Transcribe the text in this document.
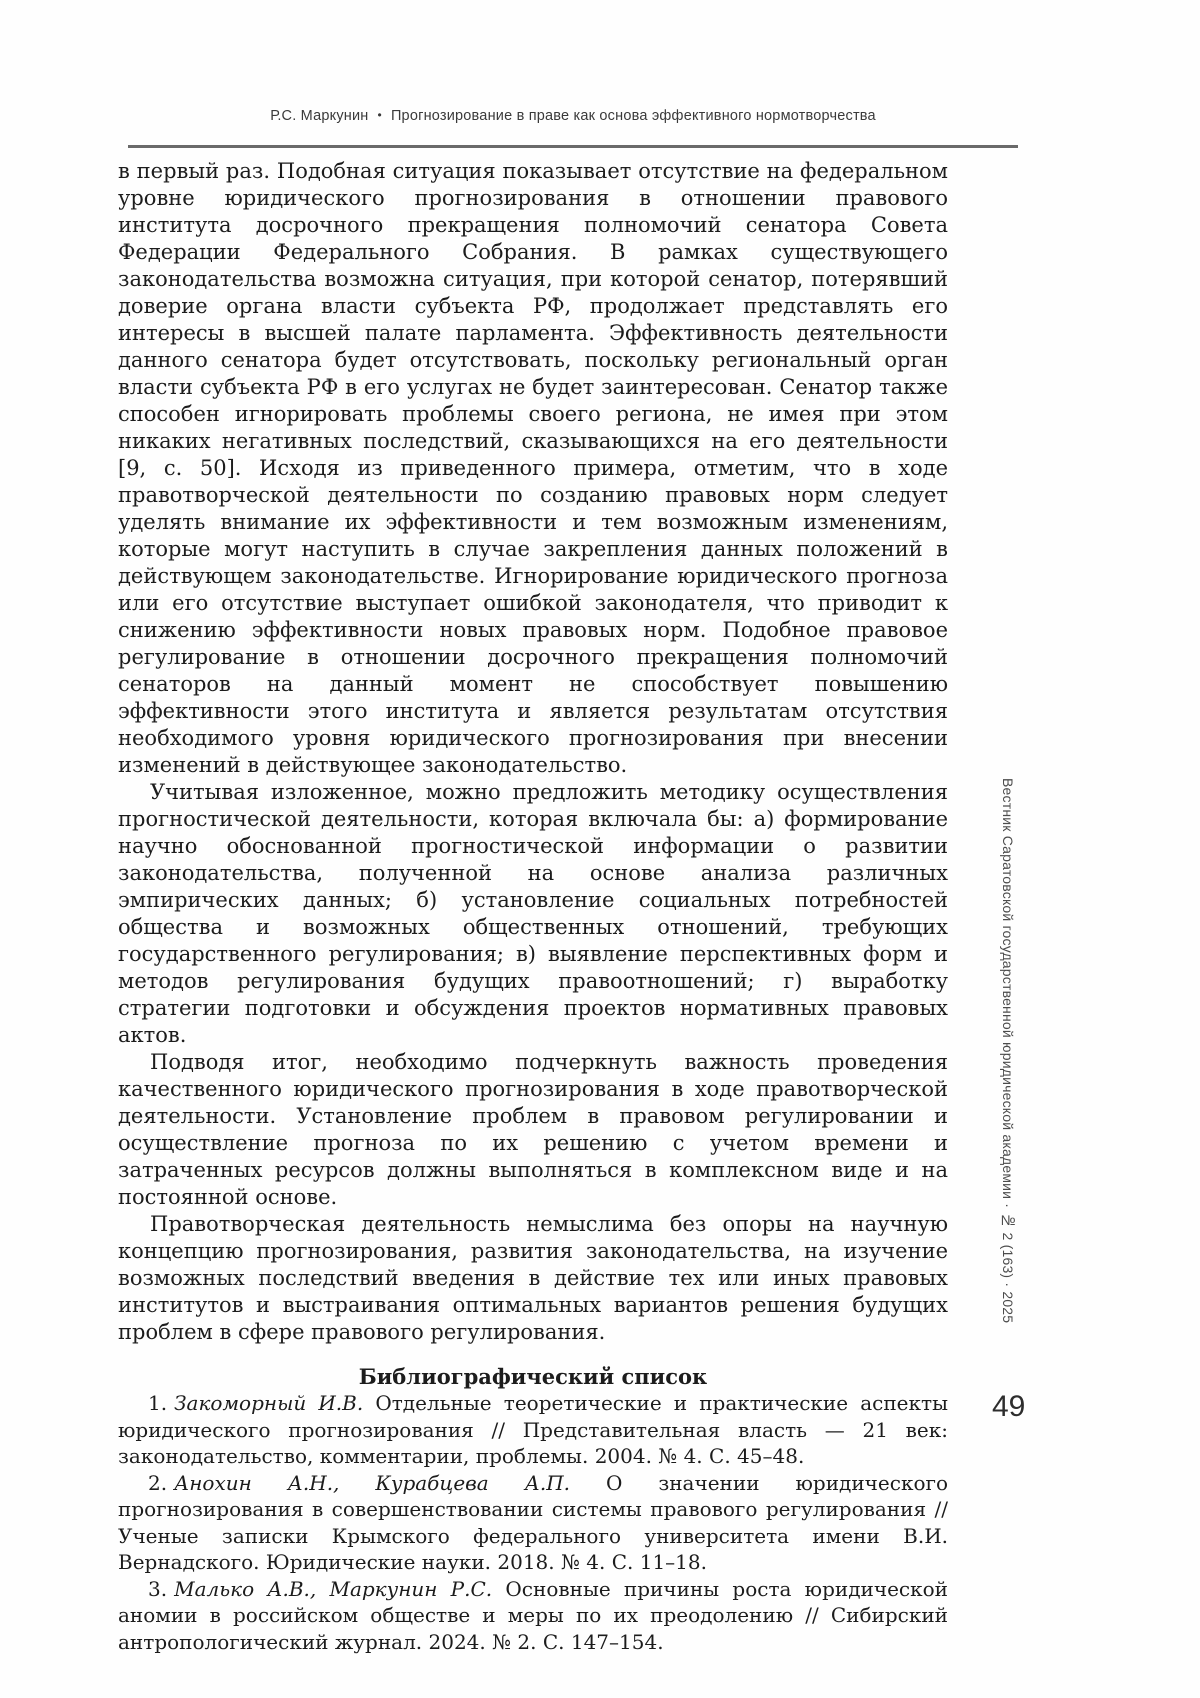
Р.С. Маркунин • Прогнозирование в праве как основа эффективного нормотворчества

в первый раз. Подобная ситуация показывает отсутствие на федеральном уровне юридического прогнозирования в отношении правового института досрочного прекращения полномочий сенатора Совета Федерации Федерального Собрания. В рамках существующего законодательства возможна ситуация, при которой сенатор, потерявший доверие органа власти субъекта РФ, продолжает представлять его интересы в высшей палате парламента. Эффективность деятельности данного сенатора будет отсутствовать, поскольку региональный орган власти субъекта РФ в его услугах не будет заинтересован. Сенатор также способен игнорировать проблемы своего региона, не имея при этом никаких негативных последствий, сказывающихся на его деятельности [9, с. 50]. Исходя из приведенного примера, отметим, что в ходе правотворческой деятельности по созданию правовых норм следует уделять внимание их эффективности и тем возможным изменениям, которые могут наступить в случае закрепления данных положений в действующем законодательстве. Игнорирование юридического прогноза или его отсутствие выступает ошибкой законодателя, что приводит к снижению эффективности новых правовых норм. Подобное правовое регулирование в отношении досрочного прекращения полномочий сенаторов на данный момент не способствует повышению эффективности этого института и является результатам отсутствия необходимого уровня юридического прогнозирования при внесении изменений в действующее законодательство.

Учитывая изложенное, можно предложить методику осуществления прогностической деятельности, которая включала бы: а) формирование научно обоснованной прогностической информации о развитии законодательства, полученной на основе анализа различных эмпирических данных; б) установление социальных потребностей общества и возможных общественных отношений, требующих государственного регулирования; в) выявление перспективных форм и методов регулирования будущих правоотношений; г) выработку стратегии подготовки и обсуждения проектов нормативных правовых актов.

Подводя итог, необходимо подчеркнуть важность проведения качественного юридического прогнозирования в ходе правотворческой деятельности. Установление проблем в правовом регулировании и осуществление прогноза по их решению с учетом времени и затраченных ресурсов должны выполняться в комплексном виде и на постоянной основе.

Правотворческая деятельность немыслима без опоры на научную концепцию прогнозирования, развития законодательства, на изучение возможных последствий введения в действие тех или иных правовых институтов и выстраивания оптимальных вариантов решения будущих проблем в сфере правового регулирования.

Библиографический список

1. Закоморный И.В. Отдельные теоретические и практические аспекты юридического прогнозирования // Представительная власть — 21 век: законодательство, комментарии, проблемы. 2004. № 4. С. 45–48.

2. Анохин А.Н., Курабцева А.П. О значении юридического прогнозирования в совершенствовании системы правового регулирования // Ученые записки Крымского федерального университета имени В.И. Вернадского. Юридические науки. 2018. № 4. С. 11–18.

3. Малько А.В., Маркунин Р.С. Основные причины роста юридической аномии в российском обществе и меры по их преодолению // Сибирский антропологический журнал. 2024. № 2. С. 147–154.

Вестник Саратовской государственной юридической академии · № 2 (163) · 2025
49
